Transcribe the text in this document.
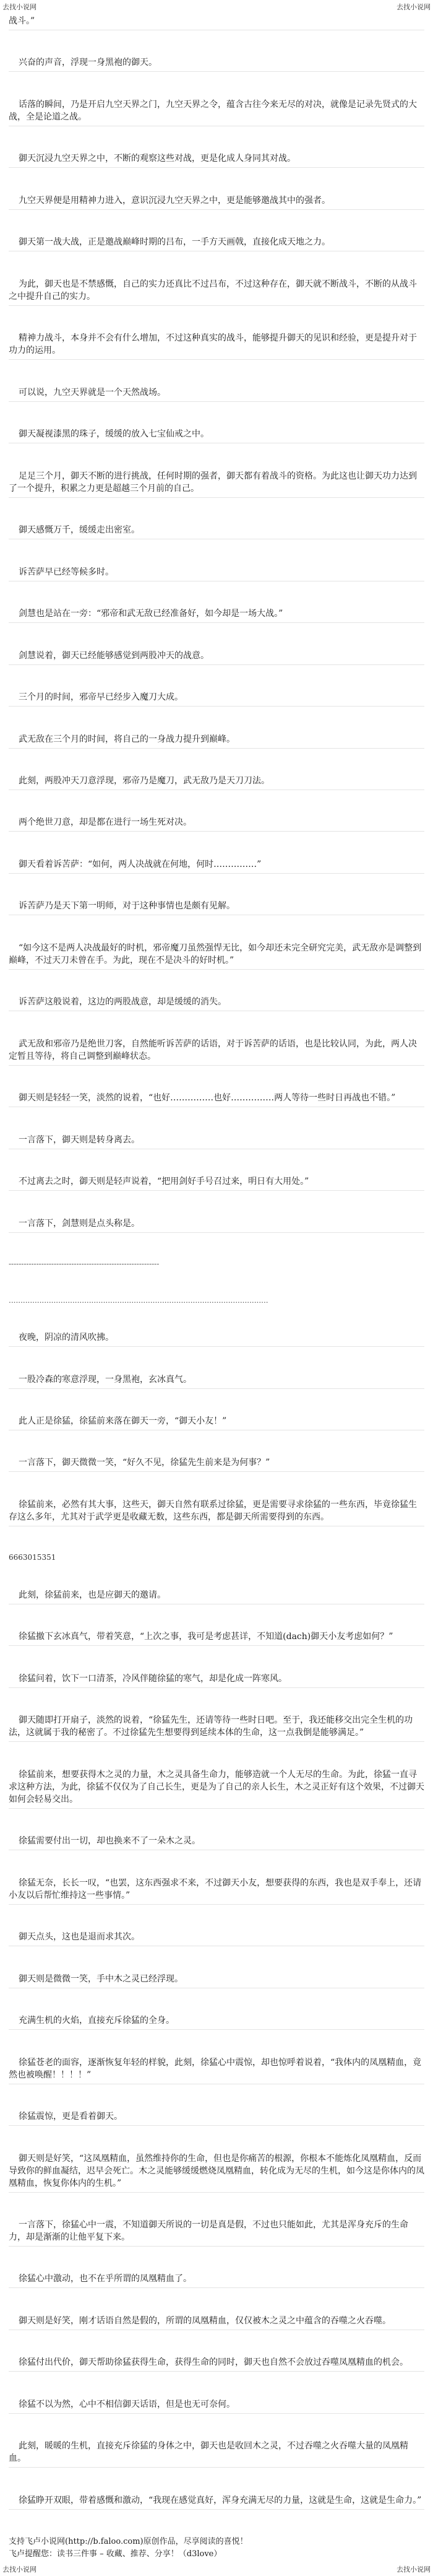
去找小说网	去找小说网

战斗。”

兴奋的声音，浮现一身黑袍的御天。

话落的瞬间，乃是开启九空天界之门，九空天界之令，蕴含古往今来无尽的对决，就像是记录先贤式的大战，全是论道之战。

御天沉浸九空天界之中，不断的观察这些对战，更是化成人身同其对战。

九空天界便是用精神力进入，意识沉浸九空天界之中，更是能够邀战其中的强者。

御天第一战大战，正是邀战巅峰时期的吕布，一手方天画戟，直接化成天地之力。

为此，御天也是不禁感慨，自己的实力还真比不过吕布，不过这种存在，御天就不断战斗，不断的从战斗之中提升自己的实力。

精神力战斗，本身并不会有什么增加，不过这种真实的战斗，能够提升御天的见识和经验，更是提升对于功力的运用。

可以说，九空天界就是一个天然战场。

御天凝视漆黑的珠子，缓缓的放入七宝仙戒之中。

足足三个月，御天不断的进行挑战，任何时期的强者，御天都有着战斗的资格。为此这也让御天功力达到了一个提升，积累之力更是超越三个月前的自己。

御天感慨万千，缓缓走出密室。

诉苦萨早已经等候多时。

剑慧也是站在一旁：“邪帝和武无敌已经准备好，如今却是一场大战。”

剑慧说着，御天已经能够感觉到两股冲天的战意。

三个月的时间，邪帝早已经步入魔刀大成。

武无敌在三个月的时间，将自己的一身战力提升到巅峰。

此刻，两股冲天刀意浮现，邪帝乃是魔刀，武无敌乃是天刀刀法。

两个绝世刀意，却是都在进行一场生死对决。

御天看着诉苦萨：“如何，两人决战就在何地，何时……………”

诉苦萨乃是天下第一明师，对于这种事情也是颇有见解。

“如今这不是两人决战最好的时机，邪帝魔刀虽然强悍无比，如今却还未完全研究完美，武无敌亦是调整到巅峰，不过天刀未曾在手。为此，现在不是决斗的好时机。”

诉苦萨这般说着，这边的两股战意，却是缓缓的消失。

武无敌和邪帝乃是绝世刀客，自然能听诉苦萨的话语，对于诉苦萨的话语，也是比较认同，为此，两人决定暂且等待，将自己调整到巅峰状态。

御天则是轻轻一笑，淡然的说着，“也好……………也好……………两人等待一些时日再战也不错。”

一言落下，御天则是转身离去。

不过离去之时，御天则是轻声说着，“把用剑好手号召过来，明日有大用处。”

一言落下，剑慧则是点头称是。

------------------------------------------------------------
..............................................................................................................

夜晚，阴凉的清风吹拂。

一股冷森的寒意浮现，一身黑袍，玄冰真气。

此人正是徐猛，徐猛前来落在御天一旁，“御天小友！”

一言落下，御天微微一笑，“好久不见，徐猛先生前来是为何事？”

徐猛前来，必然有其大事，这些天，御天自然有联系过徐猛，更是需要寻求徐猛的一些东西，毕竟徐猛生存这么多年，尤其对于武学更是收藏无数，这些东西，都是御天所需要得到的东西。

6663015351

此刻，徐猛前来，也是应御天的邀请。

徐猛撤下玄冰真气，带着笑意，“上次之事，我可是考虑甚详，不知道(dach)御天小友考虑如何？”

徐猛问着，饮下一口清茶，冷风伴随徐猛的寒气，却是化成一阵寒风。

御天随即打开扇子，淡然的说着，“徐猛先生，还请等待一些时日吧。至于，我还能移交出完全生机的功法，这就属于我的秘密了。不过徐猛先生想要得到延续本体的生命，这一点我倒是能够满足。”

徐猛前来，想要获得木之灵的力量，木之灵具备生命力，能够造就一个人无尽的生命。为此，徐猛一直寻求这种方法，为此，徐猛不仅仅为了自己长生，更是为了自己的亲人长生，木之灵正好有这个效果，不过御天如何会轻易交出。

徐猛需要付出一切，却也换来不了一朵木之灵。

徐猛无奈，长长一叹，“也罢，这东西强求不来，不过御天小友，想要获得的东西，我也是双手奉上，还请小友以后帮忙维持这一些事情。”

御天点头，这也是退而求其次。

御天则是微微一笑，手中木之灵已经浮现。

充满生机的火焰，直接充斥徐猛的全身。

徐猛苍老的面容，逐渐恢复年轻的样貌，此刻，徐猛心中震惊，却也惊呼着说着，“我体内的凤凰精血，竟然也被唤醒！！！！”

徐猛震惊，更是看着御天。

御天则是好笑，“这凤凰精血，虽然维持你的生命，但也是你痛苦的根源，你根本不能炼化凤凰精血，反而导致你的鲜血凝结，迟早会死亡。木之灵能够缓缓燃烧凤凰精血，转化成为无尽的生机，如今这是你体内的凤凰精血，恢复你体内的生机。”

一言落下，徐猛心中一震，不知道御天所说的一切是真是假，不过也只能如此，尤其是浑身充斥的生命力，却是渐渐的让他平复下来。

徐猛心中激动，也不在乎所谓的凤凰精血了。

御天则是好笑，刚才话语自然是假的，所谓的凤凰精血，仅仅被木之灵之中蕴含的吞噬之火吞噬。

徐猛付出代价，御天帮助徐猛获得生命，获得生命的同时，御天也自然不会放过吞噬凤凰精血的机会。

徐猛不以为然，心中不相信御天话语，但是也无可奈何。

此刻，暖暖的生机，直接充斥徐猛的身体之中，御天也是收回木之灵，不过吞噬之火吞噬大量的凤凰精血。

徐猛睁开双眼，带着感慨和激动，“我现在感觉真好，浑身充满无尽的力量，这就是生命，这就是生命力。”

支持飞卢小说网(http://b.faloo.com)原创作品，尽享阅读的喜悦！

飞卢提醒您：读书三件事 – 收藏、推荐、分享！（d3love）

去找小说网	去找小说网
